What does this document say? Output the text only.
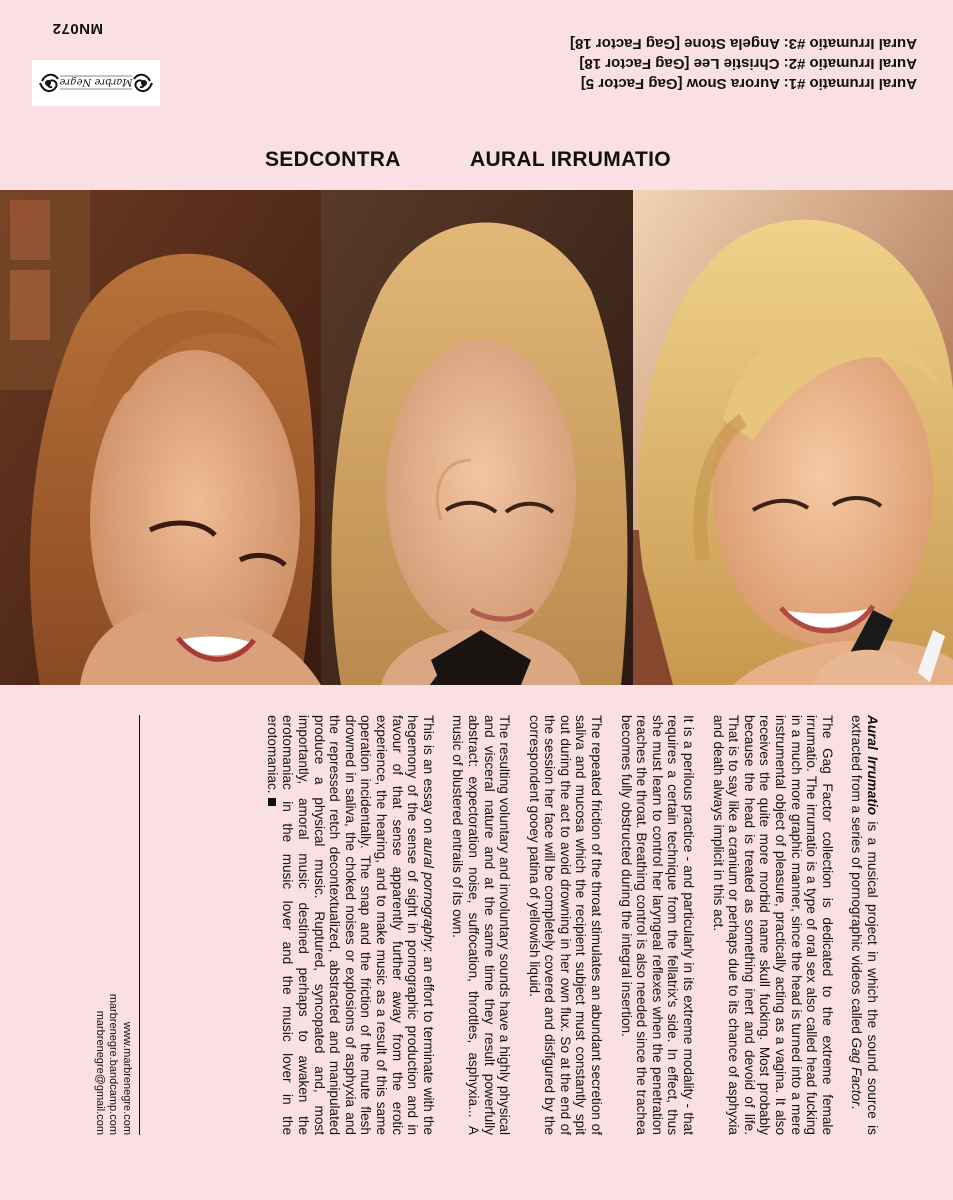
Aural Irrumatio #1: Aurora Snow [Gag Factor 5]
Aural Irrumatio #2: Christie Lee [Gag Factor 18]
Aural Irrumatio #3: Angela Stone [Gag Factor 18]
Marbre Negre
MN072
SEDCONTRA	AURAL IRRUMATIO

Aural Irrumatio is a musical project in which the sound source is extracted from a series of pornographic videos called Gag Factor.

The Gag Factor collection is dedicated to the extreme female irrumatio. The irrumatio is a type of oral sex also called head fucking in a much more graphic manner, since the head is turned into a mere instrumental object of pleasure, practically acting as a vagina. It also receives the quite more morbid name skull fucking. Most probably because the head is treated as something inert and devoid of life. That is to say like a cranium or perhaps due to its chance of asphyxia and death always implicit in this act.

It is a perilous practice - and particularly in its extreme modality - that requires a certain technique from the fellatrix's side. In effect, thus she must learn to control her laryngeal reflexes when the penetration reaches the throat. Breathing control is also needed since the trachea becomes fully obstructed during the integral insertion.

The repeated friction of the throat stimulates an abundant secretion of saliva and mucosa which the recipient subject must constantly spit out during the act to avoid drowning in her own flux. So at the end of the session her face will be completely covered and disfigured by the correspondent gooey patina of yellowish liquid.

The resulting voluntary and involuntary sounds have a highly physical and visceral nature and at the same time they result powerfully abstract: expectoration noise, suffocation, throttles, asphyxia... A music of blustered entrails of its own.

This is an essay on aural pornography: an effort to terminate with the hegemony of the sense of sight in pornographic production and in favour of that sense apparently further away from the erotic experience, the hearing, and to make music as a result of this same operation incidentally. The snap and the friction of the mute flesh drowned in saliva, the choked noises or explosions of asphyxia and the repressed retch decontextualized, abstracted and manipulated produce a physical music. Ruptured, syncopated and, most importantly, amoral music destined perhaps to awaken the erotomaniac in the music lover and the music lover in the erotomaniac.

www.marbrenegre.com
marbrenegre.bandcamp.com
marbrenegre@gmail.com
